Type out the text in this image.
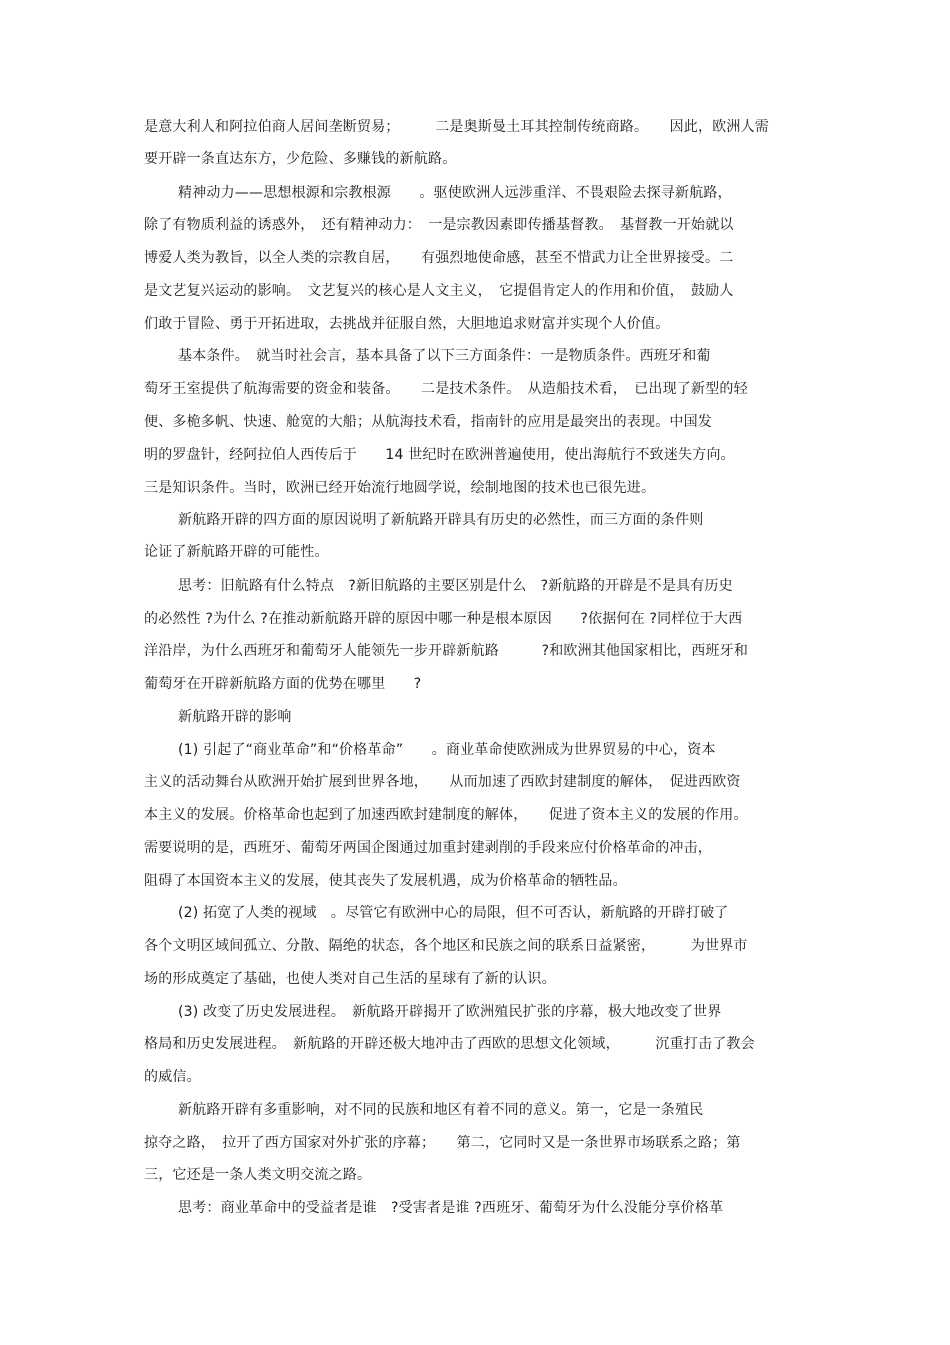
是意大利人和阿拉伯商人居间垄断贸易；　　　二是奥斯曼土耳其控制传统商路。　　因此，欧洲人需
要开辟一条直达东方，少危险、多赚钱的新航路。
精神动力——思想根源和宗教根源　　。驱使欧洲人远涉重洋、不畏艰险去探寻新航路，
除了有物质利益的诱惑外，　还有精神动力：　一是宗教因素即传播基督教。　基督教一开始就以
博爱人类为教旨，以全人类的宗教自居，　　有强烈地使命感，甚至不惜武力让全世界接受。二
是文艺复兴运动的影响。　文艺复兴的核心是人文主义，　它提倡肯定人的作用和价值，　鼓励人
们敢于冒险、勇于开拓进取，去挑战并征服自然，大胆地追求财富并实现个人价值。
基本条件。　就当时社会言，基本具备了以下三方面条件：一是物质条件。西班牙和葡
萄牙王室提供了航海需要的资金和装备。　　二是技术条件。　从造船技术看，　已出现了新型的轻
便、多桅多帆、快速、舱宽的大船；从航海技术看，指南针的应用是最突出的表现。中国发
明的罗盘针，经阿拉伯人西传后于　　14 世纪时在欧洲普遍使用，使出海航行不致迷失方向。
三是知识条件。当时，欧洲已经开始流行地圆学说，绘制地图的技术也已很先进。
新航路开辟的四方面的原因说明了新航路开辟具有历史的必然性，而三方面的条件则
论证了新航路开辟的可能性。
思考：旧航路有什么特点　?新旧航路的主要区别是什么　?新航路的开辟是不是具有历史
的必然性 ?为什么 ?在推动新航路开辟的原因中哪一种是根本原因　　?依据何在 ?同样位于大西
洋沿岸，为什么西班牙和葡萄牙人能领先一步开辟新航路　　　?和欧洲其他国家相比，西班牙和
葡萄牙在开辟新航路方面的优势在哪里　　?
新航路开辟的影响
(1) 引起了“商业革命”和“价格革命”　　。商业革命使欧洲成为世界贸易的中心，资本
主义的活动舞台从欧洲开始扩展到世界各地，　　从而加速了西欧封建制度的解体，　促进西欧资
本主义的发展。价格革命也起到了加速西欧封建制度的解体，　　促进了资本主义的发展的作用。
需要说明的是，西班牙、葡萄牙两国企图通过加重封建剥削的手段来应付价格革命的冲击，
阻碍了本国资本主义的发展，使其丧失了发展机遇，成为价格革命的牺牲品。
(2) 拓宽了人类的视域　。尽管它有欧洲中心的局限，但不可否认，新航路的开辟打破了
各个文明区域间孤立、分散、隔绝的状态，各个地区和民族之间的联系日益紧密，　　　为世界市
场的形成奠定了基础，也使人类对自己生活的星球有了新的认识。
(3) 改变了历史发展进程。　新航路开辟揭开了欧洲殖民扩张的序幕，极大地改变了世界
格局和历史发展进程。　新航路的开辟还极大地冲击了西欧的思想文化领域，　　　沉重打击了教会
的威信。
新航路开辟有多重影响，对不同的民族和地区有着不同的意义。第一，它是一条殖民
掠夺之路，　拉开了西方国家对外扩张的序幕；　　第二，它同时又是一条世界市场联系之路；第
三，它还是一条人类文明交流之路。
思考：商业革命中的受益者是谁　?受害者是谁 ?西班牙、葡萄牙为什么没能分享价格革
